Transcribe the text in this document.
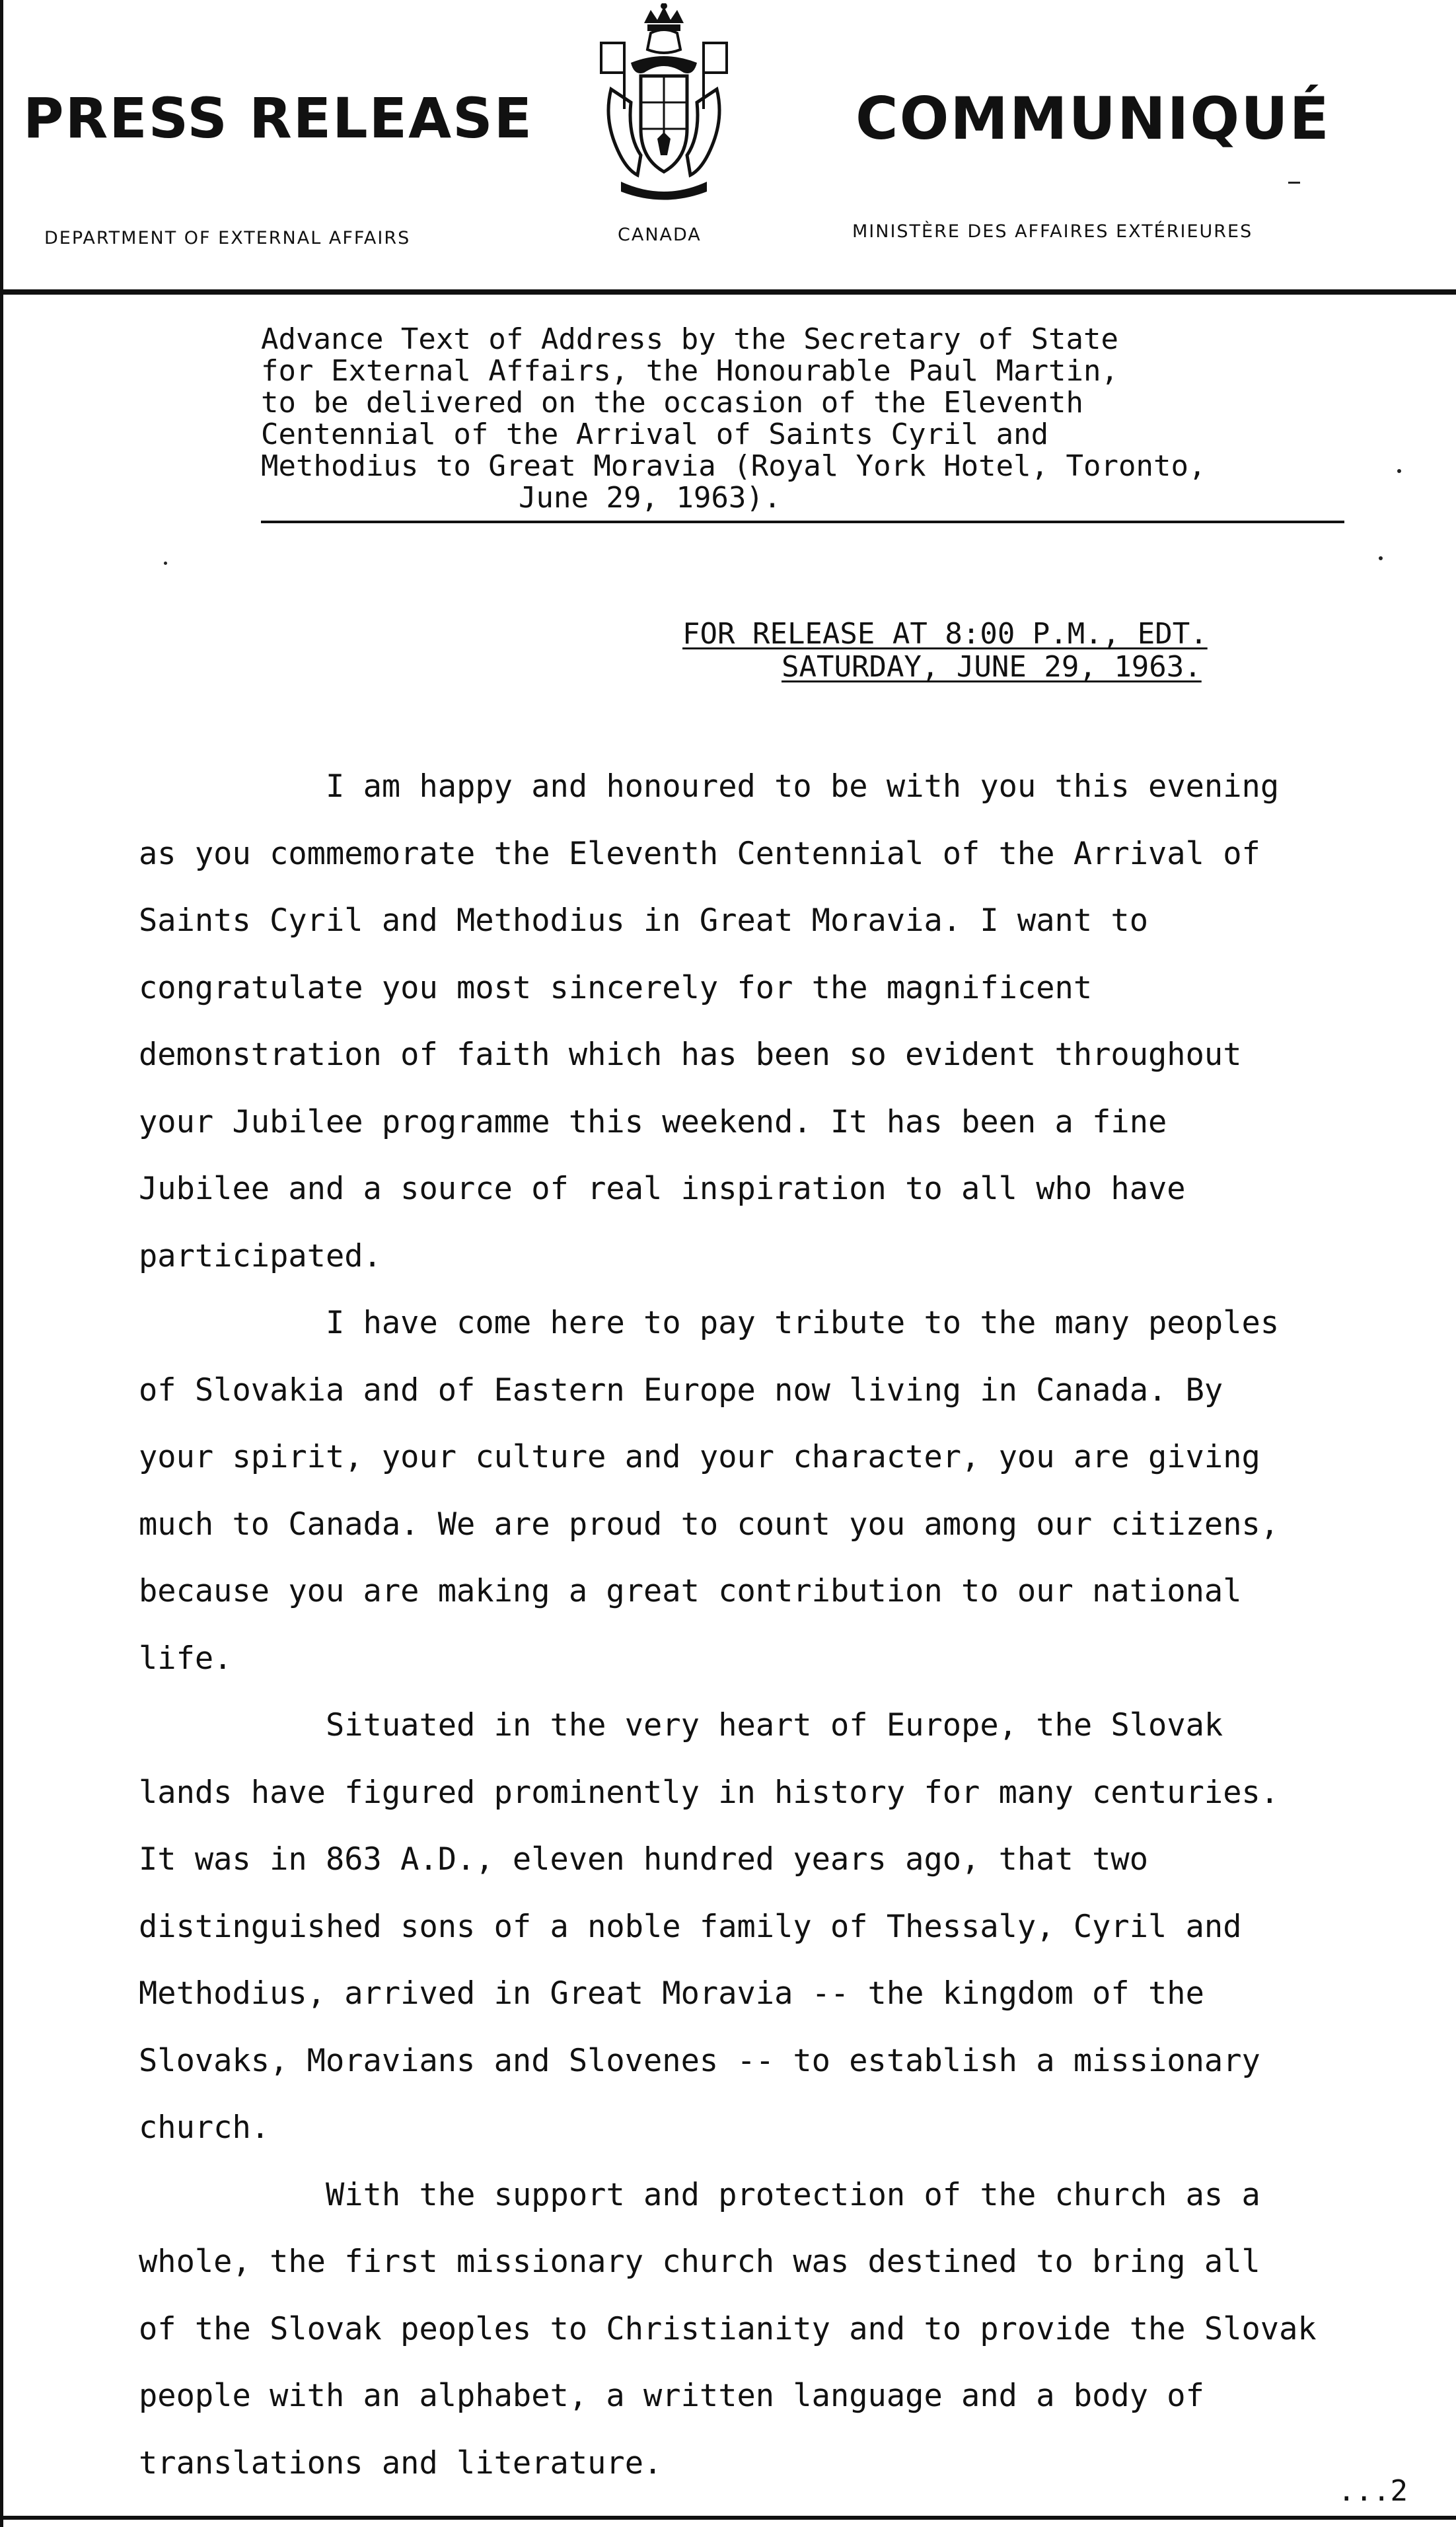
PRESS RELEASE
DEPARTMENT OF EXTERNAL AFFAIRS	CANADA
COMMUNIQUÉ
MINISTÈRE DES AFFAIRES EXTÉRIEURES
Advance Text of Address by the Secretary of State
for External Affairs, the Honourable Paul Martin,
to be delivered on the occasion of the Eleventh
Centennial of the Arrival of Saints Cyril and
Methodius to Great Moravia (Royal York Hotel, Toronto,
June 29, 1963).
FOR RELEASE AT 8:00 P.M., EDT.
SATURDAY, JUNE 29, 1963.
I am happy and honoured to be with you this evening
as you commemorate the Eleventh Centennial of the Arrival of
Saints Cyril and Methodius in Great Moravia. I want to
congratulate you most sincerely for the magnificent
demonstration of faith which has been so evident throughout
your Jubilee programme this weekend. It has been a fine
Jubilee and a source of real inspiration to all who have
participated.
I have come here to pay tribute to the many peoples
of Slovakia and of Eastern Europe now living in Canada. By
your spirit, your culture and your character, you are giving
much to Canada. We are proud to count you among our citizens,
because you are making a great contribution to our national
life.
Situated in the very heart of Europe, the Slovak
lands have figured prominently in history for many centuries.
It was in 863 A.D., eleven hundred years ago, that two
distinguished sons of a noble family of Thessaly, Cyril and
Methodius, arrived in Great Moravia -- the kingdom of the
Slovaks, Moravians and Slovenes -- to establish a missionary
church.
With the support and protection of the church as a
whole, the first missionary church was destined to bring all
of the Slovak peoples to Christianity and to provide the Slovak
people with an alphabet, a written language and a body of
translations and literature.
...2
